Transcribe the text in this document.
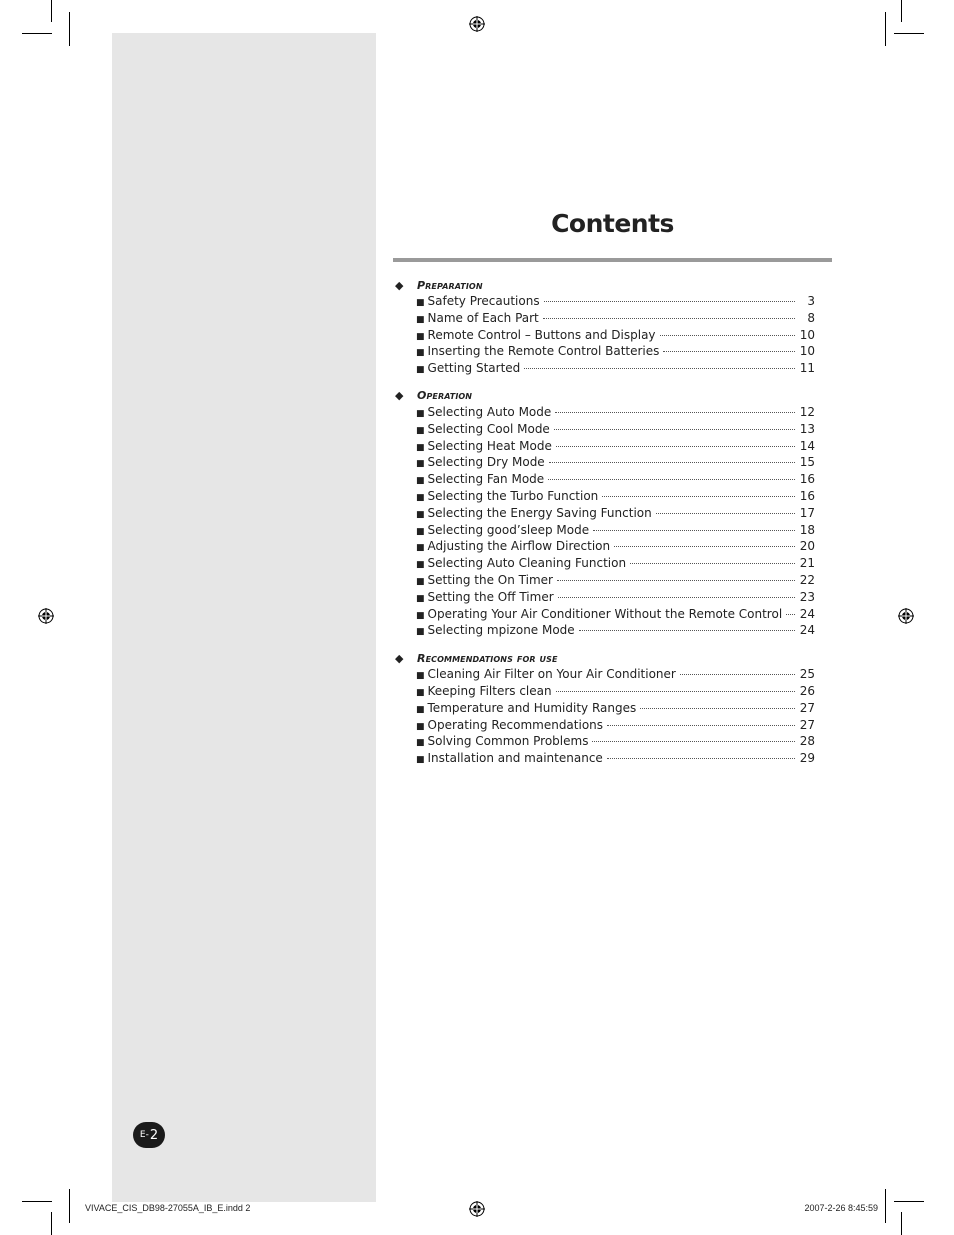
Contents
◆	Preparation
■ Safety Precautions	3
■ Name of Each Part	8
■ Remote Control – Buttons and Display	10
■ Inserting the Remote Control Batteries	10
■ Getting Started	11
◆	Operation
■ Selecting Auto Mode	12
■ Selecting Cool Mode	13
■ Selecting Heat Mode	14
■ Selecting Dry Mode	15
■ Selecting Fan Mode	16
■ Selecting the Turbo Function	16
■ Selecting the Energy Saving Function	17
■ Selecting good’sleep Mode	18
■ Adjusting the Airflow Direction	20
■ Selecting Auto Cleaning Function	21
■ Setting the On Timer	22
■ Setting the Off Timer	23
■ Operating Your Air Conditioner Without the Remote Control 24
■ Selecting mpizone Mode	24
◆	Recommendations for use
■ Cleaning Air Filter on Your Air Conditioner	25
■ Keeping Filters clean	26
■ Temperature and Humidity Ranges	27
■ Operating Recommendations	27
■ Solving Common Problems	28
■ Installation and maintenance	29
E- 2
VIVACE_CIS_DB98-27055A_IB_E.indd 2	2007-2-26 8:45:59
